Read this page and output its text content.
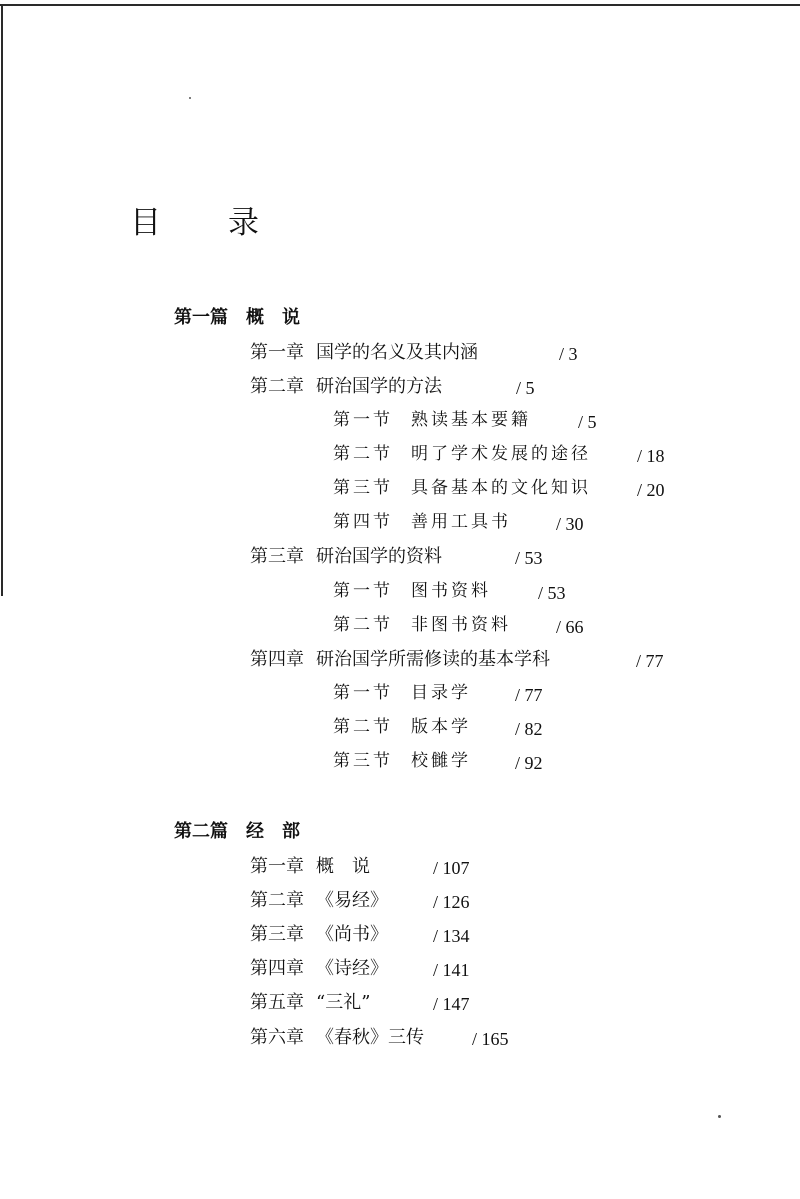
目 录
第一篇 概　说
第一章 国学的名义及其内涵	/ 3
第二章 研治国学的方法	/ 5
第一节 熟读基本要籍	/ 5
第二节 明了学术发展的途径	/ 18
第三节 具备基本的文化知识	/ 20
第四节 善用工具书	/ 30
第三章 研治国学的资料	/ 53
第一节 图书资料	/ 53
第二节 非图书资料	/ 66
第四章 研治国学所需修读的基本学科	/ 77
第一节 目录学 / 77
第二节 版本学 / 82
第三节 校雠学 / 92
第二篇 经　部
第一章 概　说	/ 107
第二章 《易经》	/ 126
第三章 《尚书》	/ 134
第四章 《诗经》	/ 141
第五章 “三礼”	/ 147
第六章 《春秋》三传	/ 165
